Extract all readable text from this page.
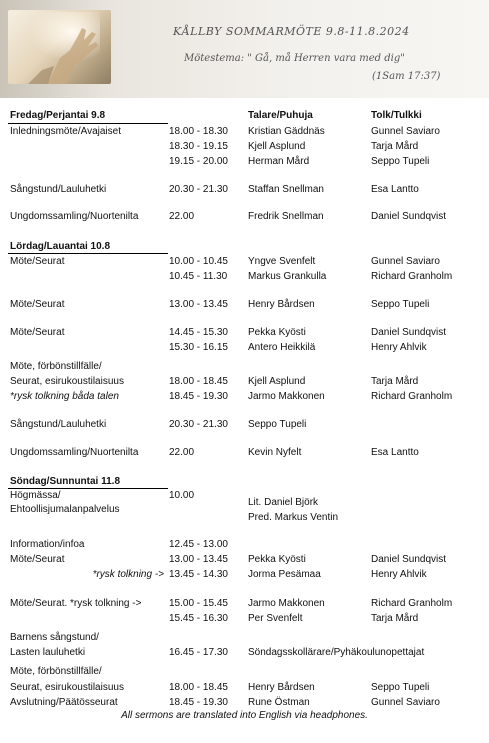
KÅLLBY SOMMARMÖTE 9.8-11.8.2024
Mötestema: " Gå, må Herren vara med dig"
(1Sam 17:37)
Fredag/Perjantai 9.8	Talare/Puhuja	Tolk/Tulkki
Inledningsmöte/Avajaiset	18.00 - 18.30 Kristian Gäddnäs	Gunnel Saviaro
18.30 - 19.15 Kjell Asplund	Tarja Mård
19.15 - 20.00 Herman Mård	Seppo Tupeli
Sångstund/Lauluhetki	20.30 - 21.30 Staffan Snellman	Esa Lantto
Ungdomssamling/Nuortenilta	22.00	Fredrik Snellman	Daniel Sundqvist
Lördag/Lauantai 10.8
Möte/Seurat	10.00 - 10.45 Yngve Svenfelt	Gunnel Saviaro
10.45 - 11.30 Markus Grankulla	Richard Granholm
Möte/Seurat	13.00 - 13.45 Henry Bårdsen	Seppo Tupeli
Möte/Seurat	14.45 - 15.30 Pekka Kyösti	Daniel Sundqvist
15.30 - 16.15 Antero Heikkilä	Henry Ahlvik
Möte, förbönstillfälle/
Seurat, esirukoustilaisuus	18.00 - 18.45 Kjell Asplund	Tarja Mård
*rysk tolkning båda talen	18.45 - 19.30 Jarmo Makkonen	Richard Granholm
Sångstund/Lauluhetki	20.30 - 21.30 Seppo Tupeli
Ungdomssamling/Nuortenilta	22.00	Kevin Nyfelt	Esa Lantto
Söndag/Sunnuntai 11.8
Högmässa/	10.00
Ehtoollisjumalanpalvelus
Lit. Daniel Björk
Pred. Markus Ventin
Information/infoa	12.45 - 13.00
Möte/Seurat	13.00 - 13.45 Pekka Kyösti	Daniel Sundqvist
*rysk tolkning -> 13.45 - 14.30 Jorma Pesämaa	Henry Ahlvik
Möte/Seurat. *rysk tolkning ->	15.00 - 15.45 Jarmo Makkonen	Richard Granholm
15.45 - 16.30 Per Svenfelt	Tarja Mård
Barnens sångstund/
Lasten lauluhetki	16.45 - 17.30 Söndagsskollärare/Pyhäkoulunopettajat
Möte, förbönstillfälle/
Seurat, esirukoustilaisuus	18.00 - 18.45 Henry Bårdsen	Seppo Tupeli
Avslutning/Päätösseurat	18.45 - 19.30 Rune Östman	Gunnel Saviaro
All sermons are translated into English via headphones.
